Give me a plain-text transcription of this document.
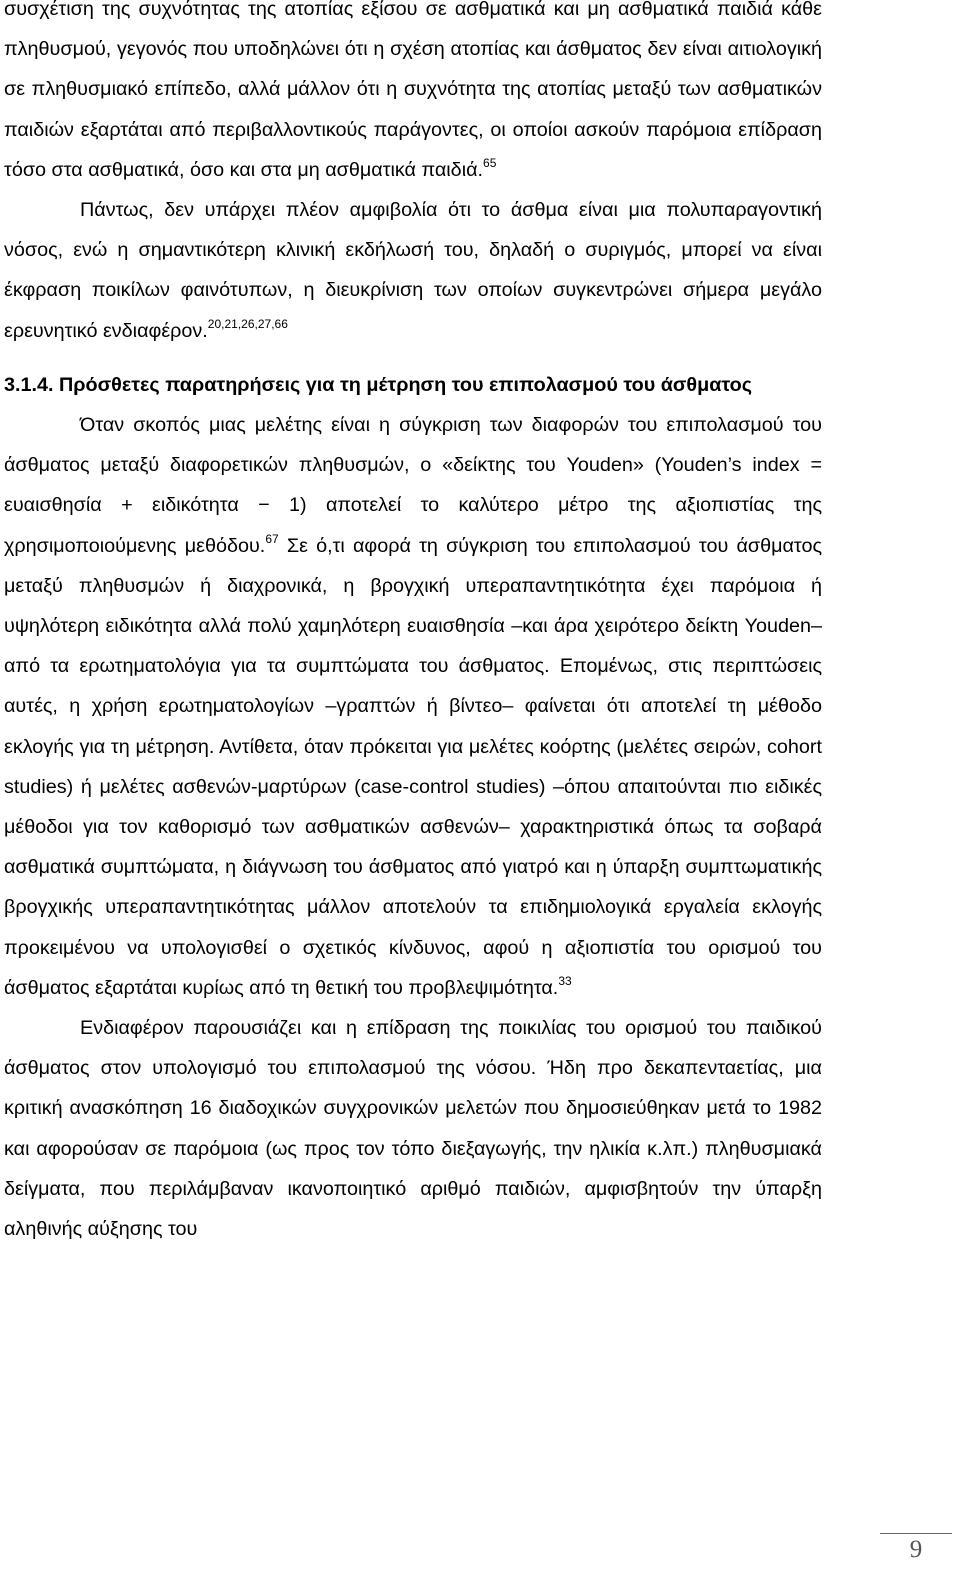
συσχέτιση της συχνότητας της ατοπίας εξίσου σε ασθματικά και μη ασθματικά παιδιά κάθε πληθυσμού, γεγονός που υποδηλώνει ότι η σχέση ατοπίας και άσθματος δεν είναι αιτιολογική σε πληθυσμιακό επίπεδο, αλλά μάλλον ότι η συχνότητα της ατοπίας μεταξύ των ασθματικών παιδιών εξαρτάται από περιβαλλοντικούς παράγοντες, οι οποίοι ασκούν παρόμοια επίδραση τόσο στα ασθματικά, όσο και στα μη ασθματικά παιδιά.$^{65}$

Πάντως, δεν υπάρχει πλέον αμφιβολία ότι το άσθμα είναι μια πολυπαραγοντική νόσος, ενώ η σημαντικότερη κλινική εκδήλωσή του, δηλαδή ο συριγμός, μπορεί να είναι έκφραση ποικίλων φαινότυπων, η διευκρίνιση των οποίων συγκεντρώνει σήμερα μεγάλο ερευνητικό ενδιαφέρον.$^{20,21,26,27,66}$

3.1.4. Πρόσθετες παρατηρήσεις για τη μέτρηση του επιπολασμού του άσθματος

Όταν σκοπός μιας μελέτης είναι η σύγκριση των διαφορών του επιπολασμού του άσθματος μεταξύ διαφορετικών πληθυσμών, ο «δείκτης του Youden» (Youden’s index = ευαισθησία + ειδικότητα − 1) αποτελεί το καλύτερο μέτρο της αξιοπιστίας της χρησιμοποιούμενης μεθόδου.$^{67}$ Σε ό,τι αφορά τη σύγκριση του επιπολασμού του άσθματος μεταξύ πληθυσμών ή διαχρονικά, η βρογχική υπεραπαντητικότητα έχει παρόμοια ή υψηλότερη ειδικότητα αλλά πολύ χαμηλότερη ευαισθησία –και άρα χειρότερο δείκτη Youden– από τα ερωτηματολόγια για τα συμπτώματα του άσθματος. Επομένως, στις περιπτώσεις αυτές, η χρήση ερωτηματολογίων –γραπτών ή βίντεο– φαίνεται ότι αποτελεί τη μέθοδο εκλογής για τη μέτρηση. Αντίθετα, όταν πρόκειται για μελέτες κοόρτης (μελέτες σειρών, cohort studies) ή μελέτες ασθενών-μαρτύρων (case-control studies) –όπου απαιτούνται πιο ειδικές μέθοδοι για τον καθορισμό των ασθματικών ασθενών– χαρακτηριστικά όπως τα σοβαρά ασθματικά συμπτώματα, η διάγνωση του άσθματος από γιατρό και η ύπαρξη συμπτωματικής βρογχικής υπεραπαντητικότητας μάλλον αποτελούν τα επιδημιολογικά εργαλεία εκλογής προκειμένου να υπολογισθεί ο σχετικός κίνδυνος, αφού η αξιοπιστία του ορισμού του άσθματος εξαρτάται κυρίως από τη θετική του προβλεψιμότητα.$^{33}$

Ενδιαφέρον παρουσιάζει και η επίδραση της ποικιλίας του ορισμού του παιδικού άσθματος στον υπολογισμό του επιπολασμού της νόσου. Ήδη προ δεκαπενταετίας, μια κριτική ανασκόπηση 16 διαδοχικών συγχρονικών μελετών που δημοσιεύθηκαν μετά το 1982 και αφορούσαν σε παρόμοια (ως προς τον τόπο διεξαγωγής, την ηλικία κ.λπ.) πληθυσμιακά δείγματα, που περιλάμβαναν ικανοποιητικό αριθμό παιδιών, αμφισβητούν την ύπαρξη αληθινής αύξησης του

9
